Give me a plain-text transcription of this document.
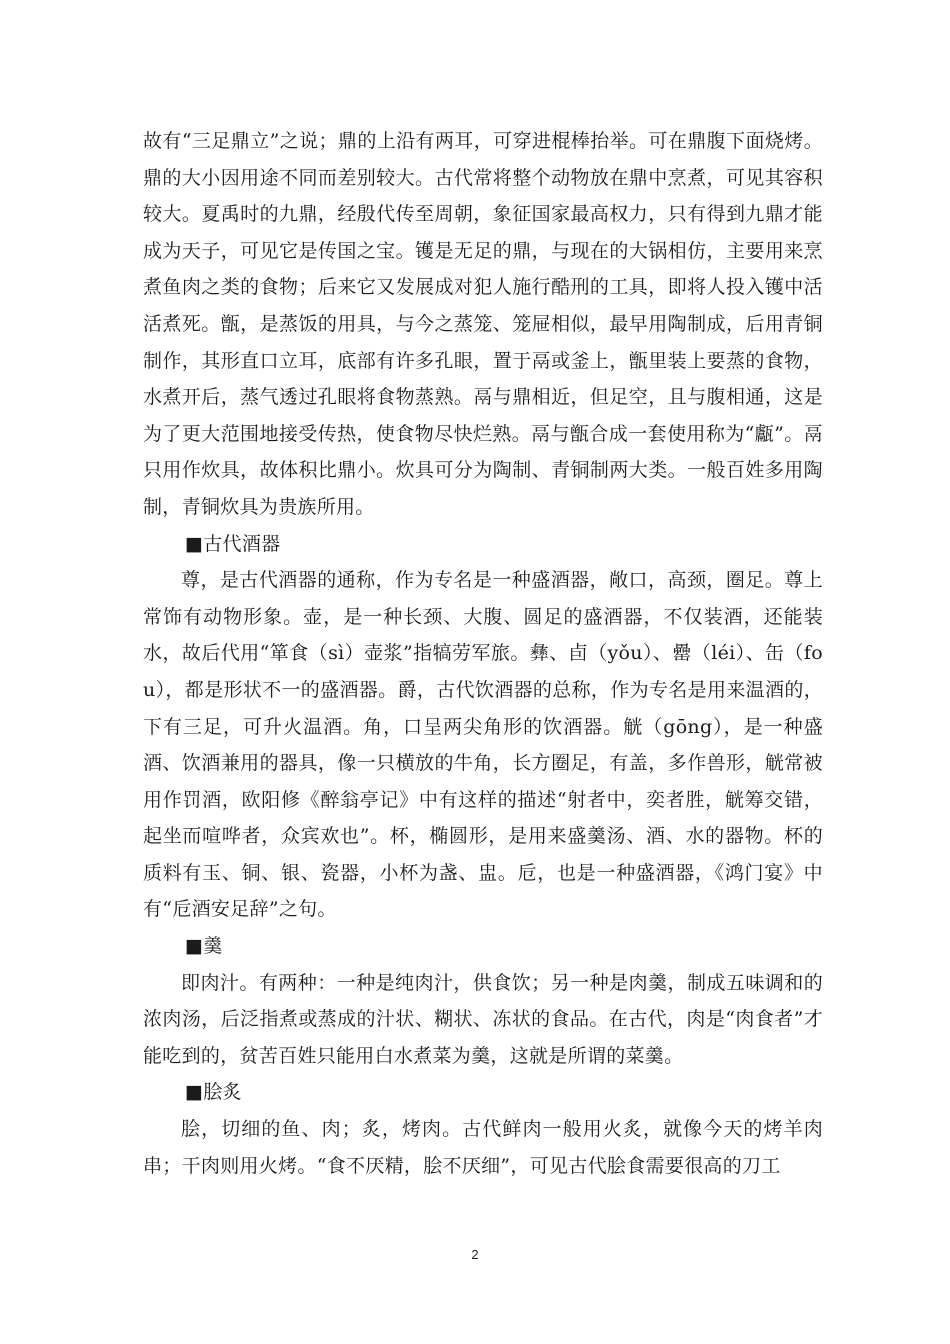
故有“三足鼎立”之说；鼎的上沿有两耳，可穿进棍棒抬举。可在鼎腹下面烧烤。鼎的大小因用途不同而差别较大。古代常将整个动物放在鼎中烹煮，可见其容积较大。夏禹时的九鼎，经殷代传至周朝，象征国家最高权力，只有得到九鼎才能成为天子，可见它是传国之宝。镬是无足的鼎，与现在的大锅相仿，主要用来烹煮鱼肉之类的食物；后来它又发展成对犯人施行酷刑的工具，即将人投入镬中活活煮死。甑，是蒸饭的用具，与今之蒸笼、笼屉相似，最早用陶制成，后用青铜制作，其形直口立耳，底部有许多孔眼，置于鬲或釜上，甑里装上要蒸的食物，水煮开后，蒸气透过孔眼将食物蒸熟。鬲与鼎相近，但足空，且与腹相通，这是为了更大范围地接受传热，使食物尽快烂熟。鬲与甑合成一套使用称为“甗”。鬲只用作炊具，故体积比鼎小。炊具可分为陶制、青铜制两大类。一般百姓多用陶制，青铜炊具为贵族所用。

■古代酒器

尊，是古代酒器的通称，作为专名是一种盛酒器，敞口，高颈，圈足。尊上常饰有动物形象。壶，是一种长颈、大腹、圆足的盛酒器，不仅装酒，还能装水，故后代用“箪食（sì）壶浆”指犒劳军旅。彝、卣（yǒu）、罍（léi）、缶（fou），都是形状不一的盛酒器。爵，古代饮酒器的总称，作为专名是用来温酒的，下有三足，可升火温酒。角，口呈两尖角形的饮酒器。觥（gōng），是一种盛酒、饮酒兼用的器具，像一只横放的牛角，长方圈足，有盖，多作兽形，觥常被用作罚酒，欧阳修《醉翁亭记》中有这样的描述“射者中，奕者胜，觥筹交错，起坐而喧哗者，众宾欢也”。杯，椭圆形，是用来盛羹汤、酒、水的器物。杯的质料有玉、铜、银、瓷器，小杯为盏、盅。卮，也是一种盛酒器，《鸿门宴》中有“卮酒安足辞”之句。

■羹

即肉汁。有两种：一种是纯肉汁，供食饮；另一种是肉羹，制成五味调和的浓肉汤，后泛指煮或蒸成的汁状、糊状、冻状的食品。在古代，肉是“肉食者”才能吃到的，贫苦百姓只能用白水煮菜为羹，这就是所谓的菜羹。

■脍炙

脍，切细的鱼、肉；炙，烤肉。古代鲜肉一般用火炙，就像今天的烤羊肉串；干肉则用火烤。“食不厌精，脍不厌细”，可见古代脍食需要很高的刀工

2
